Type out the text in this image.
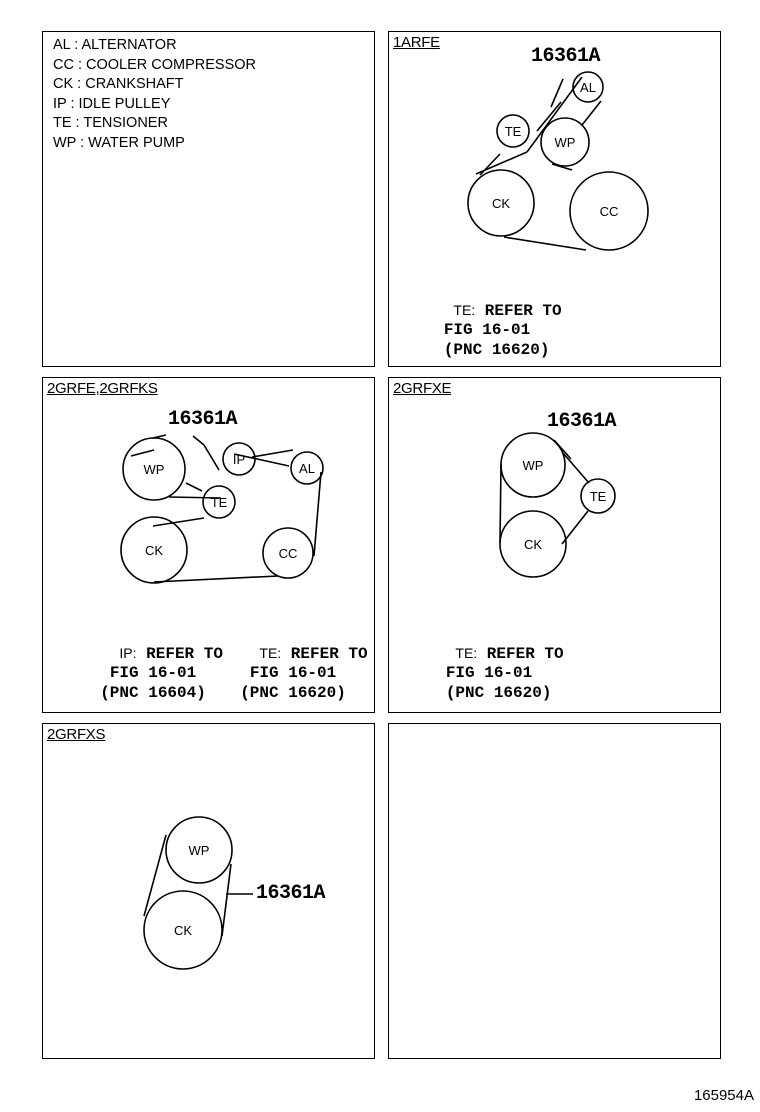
AL : ALTERNATOR
CC : COOLER COMPRESSOR
CK : CRANKSHAFT
IP : IDLE PULLEY
TE : TENSIONER
WP : WATER PUMP
1ARFE
AL
TE
WP
CK
CC
16361A

TE: REFER TO
FIG 16-01
(PNC 16620)

2GRFE,2GRFKS
WP
IP
AL
TE
CK	CC
16361A

IP: REFER TO
FIG 16-01
(PNC 16604)

TE: REFER TO
FIG 16-01
(PNC 16620)

2GRFXE
WP
TE
CK
16361A

TE: REFER TO
FIG 16-01
(PNC 16620)

2GRFXS
WP
CK
16361A
165954A
